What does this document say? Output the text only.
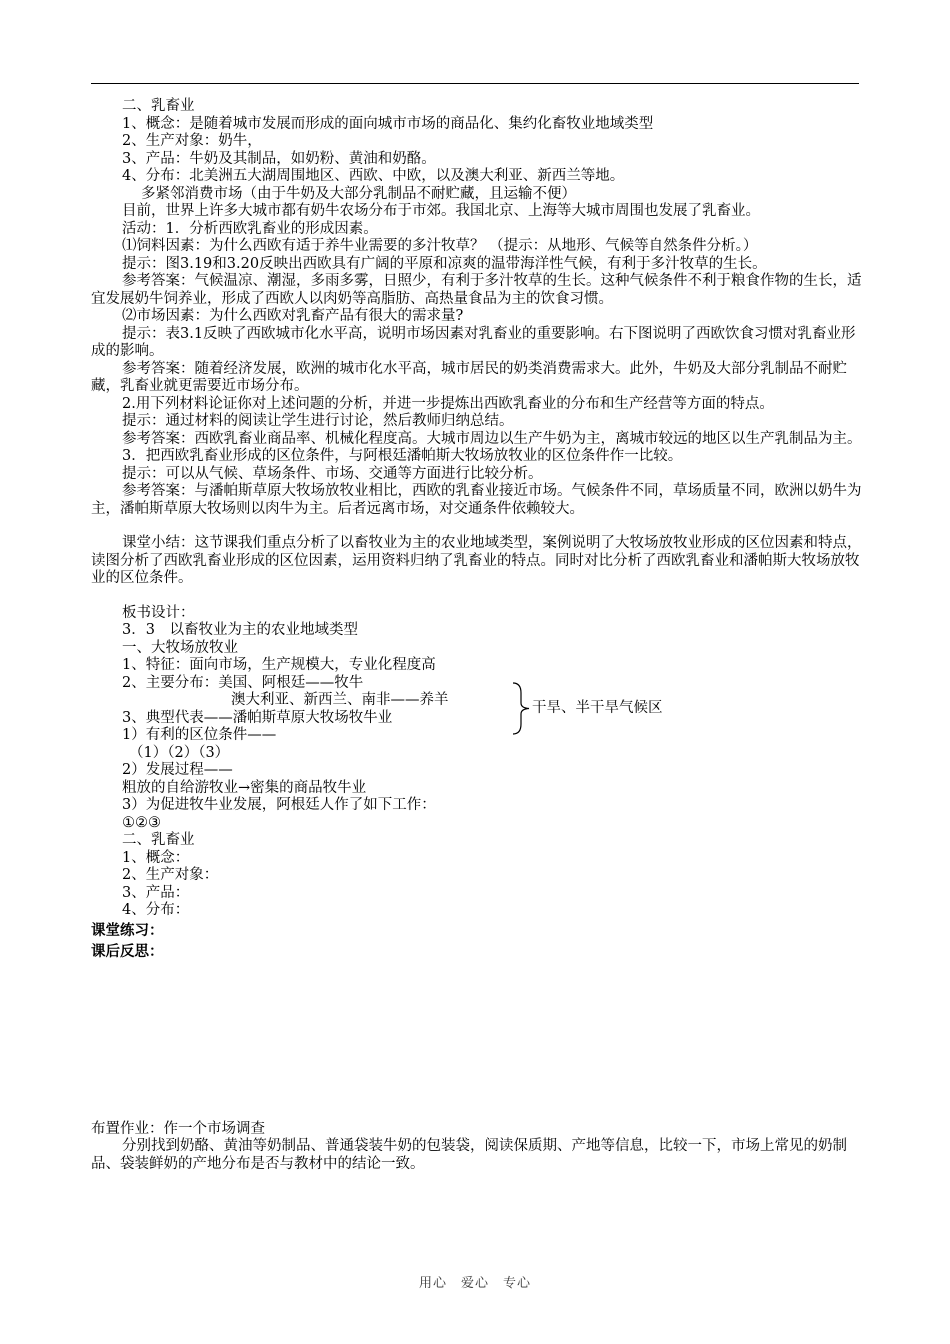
二、乳畜业
1、概念：是随着城市发展而形成的面向城市市场的商品化、集约化畜牧业地域类型
2、生产对象：奶牛，
3、产品：牛奶及其制品，如奶粉、黄油和奶酪。
4、分布：北美洲五大湖周围地区、西欧、中欧，以及澳大利亚、新西兰等地。
多紧邻消费市场（由于牛奶及大部分乳制品不耐贮藏，且运输不便）
目前，世界上许多大城市都有奶牛农场分布于市郊。我国北京、上海等大城市周围也发展了乳畜业。
活动：1．分析西欧乳畜业的形成因素。
⑴饲料因素：为什么西欧有适于养牛业需要的多汁牧草？ （提示：从地形、气候等自然条件分析。）
提示：图3.19和3.20反映出西欧具有广阔的平原和凉爽的温带海洋性气候，有利于多汁牧草的生长。
参考答案：气候温凉、潮湿，多雨多雾，日照少，有利于多汁牧草的生长。这种气候条件不利于粮食作物的生长，适宜发展奶牛饲养业，形成了西欧人以肉奶等高脂肪、高热量食品为主的饮食习惯。
⑵市场因素：为什么西欧对乳畜产品有很大的需求量?
提示：表3.1反映了西欧城市化水平高，说明市场因素对乳畜业的重要影响。右下图说明了西欧饮食习惯对乳畜业形成的影响。
参考答案：随着经济发展，欧洲的城市化水平高，城市居民的奶类消费需求大。此外，牛奶及大部分乳制品不耐贮藏，乳畜业就更需要近市场分布。
2.用下列材料论证你对上述问题的分析，并进一步提炼出西欧乳畜业的分布和生产经营等方面的特点。
提示：通过材料的阅读让学生进行讨论，然后教师归纳总结。
参考答案：西欧乳畜业商品率、机械化程度高。大城市周边以生产牛奶为主，离城市较远的地区以生产乳制品为主。
3．把西欧乳畜业形成的区位条件，与阿根廷潘帕斯大牧场放牧业的区位条件作一比较。
提示：可以从气候、草场条件、市场、交通等方面进行比较分析。
参考答案：与潘帕斯草原大牧场放牧业相比，西欧的乳畜业接近市场。气候条件不同，草场质量不同，欧洲以奶牛为主，潘帕斯草原大牧场则以肉牛为主。后者远离市场，对交通条件依赖较大。
课堂小结：这节课我们重点分析了以畜牧业为主的农业地域类型，案例说明了大牧场放牧业形成的区位因素和特点，读图分析了西欧乳畜业形成的区位因素，运用资料归纳了乳畜业的特点。同时对比分析了西欧乳畜业和潘帕斯大牧场放牧业的区位条件。
板书设计：
3．3　以畜牧业为主的农业地域类型
一、大牧场放牧业
1、特征：面向市场，生产规模大，专业化程度高
2、主要分布：美国、阿根廷——牧牛
澳大利亚、新西兰、南非——养羊
3、典型代表——潘帕斯草原大牧场牧牛业
1）有利的区位条件——
（1）（2）（3）
2）发展过程——
粗放的自给游牧业→密集的商品牧牛业
3）为促进牧牛业发展，阿根廷人作了如下工作：
①②③
二、乳畜业
1、概念：
2、生产对象：
3、产品：
4、分布：
课堂练习：
课后反思：
布置作业：作一个市场调查
分别找到奶酪、黄油等奶制品、普通袋装牛奶的包装袋，阅读保质期、产地等信息，比较一下，市场上常见的奶制品、袋装鲜奶的产地分布是否与教材中的结论一致。
干旱、半干旱气候区
用心　爱心　专心
